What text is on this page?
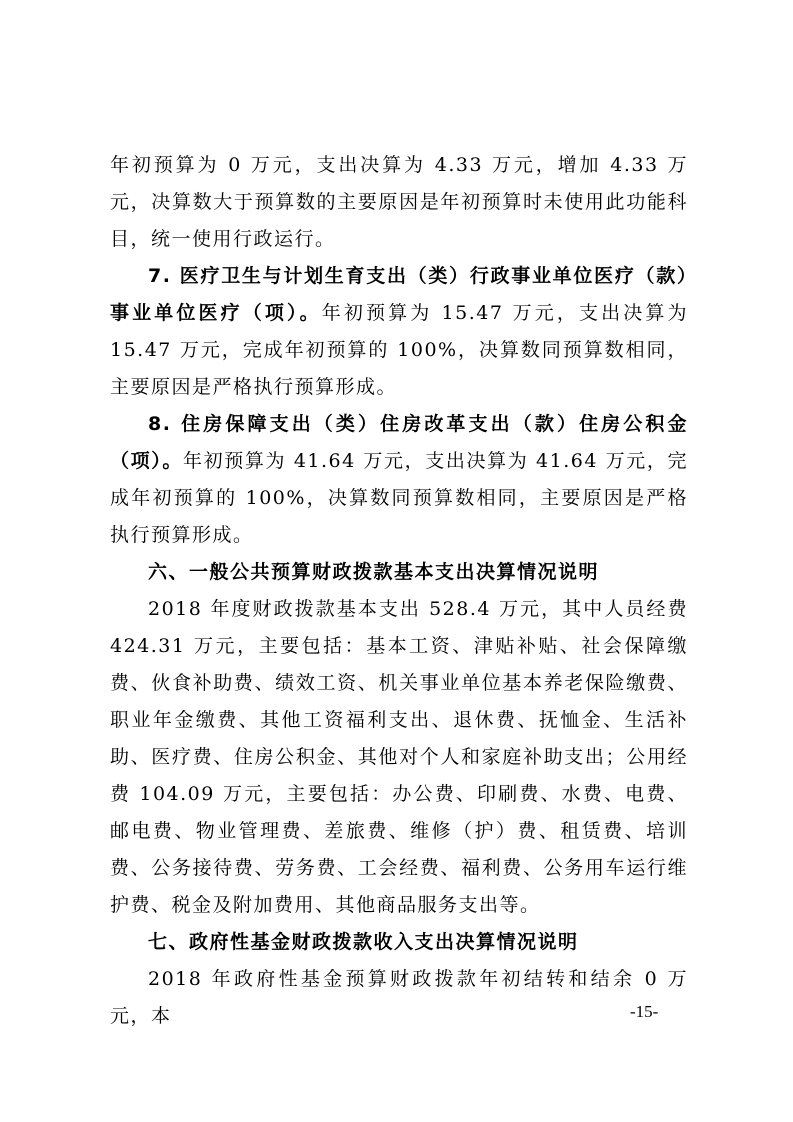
年初预算为 0 万元，支出决算为 4.33 万元，增加 4.33 万元，决算数大于预算数的主要原因是年初预算时未使用此功能科目，统一使用行政运行。

7. 医疗卫生与计划生育支出（类）行政事业单位医疗（款）事业单位医疗（项）。年初预算为 15.47 万元，支出决算为 15.47 万元，完成年初预算的 100%，决算数同预算数相同，主要原因是严格执行预算形成。

8. 住房保障支出（类）住房改革支出（款）住房公积金（项）。年初预算为 41.64 万元，支出决算为 41.64 万元，完成年初预算的 100%，决算数同预算数相同，主要原因是严格执行预算形成。

六、一般公共预算财政拨款基本支出决算情况说明

2018 年度财政拨款基本支出 528.4 万元，其中人员经费 424.31 万元，主要包括：基本工资、津贴补贴、社会保障缴费、伙食补助费、绩效工资、机关事业单位基本养老保险缴费、职业年金缴费、其他工资福利支出、退休费、抚恤金、生活补助、医疗费、住房公积金、其他对个人和家庭补助支出；公用经费 104.09 万元，主要包括：办公费、印刷费、水费、电费、邮电费、物业管理费、差旅费、维修（护）费、租赁费、培训费、公务接待费、劳务费、工会经费、福利费、公务用车运行维护费、税金及附加费用、其他商品服务支出等。

七、政府性基金财政拨款收入支出决算情况说明

2018 年政府性基金预算财政拨款年初结转和结余 0 万元，本	-15-
